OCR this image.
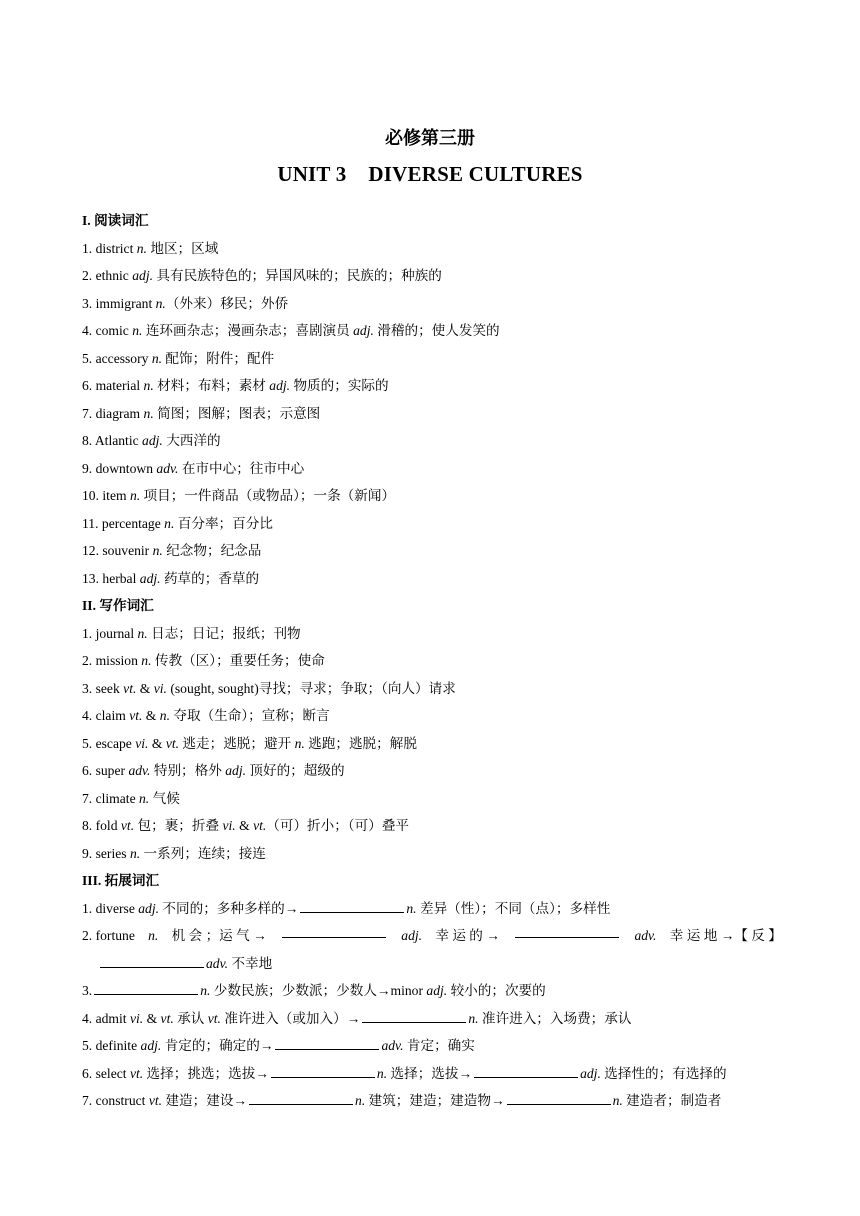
必修第三册
UNIT 3 DIVERSE CULTURES
I. 阅读词汇
1. district n. 地区；区域
2. ethnic adj. 具有民族特色的；异国风味的；民族的；种族的
3. immigrant n.（外来）移民；外侨
4. comic n. 连环画杂志；漫画杂志；喜剧演员 adj. 滑稽的；使人发笑的
5. accessory n. 配饰；附件；配件
6. material n. 材料；布料；素材 adj. 物质的；实际的
7. diagram n. 简图；图解；图表；示意图
8. Atlantic adj. 大西洋的
9. downtown adv. 在市中心；往市中心
10. item n. 项目；一件商品（或物品）；一条（新闻）
11. percentage n. 百分率；百分比
12. souvenir n. 纪念物；纪念品
13. herbal adj. 药草的；香草的
II. 写作词汇
1. journal n. 日志；日记；报纸；刊物
2. mission n. 传教（区）；重要任务；使命
3. seek vt. & vi. (sought, sought)寻找；寻求；争取；（向人）请求
4. claim vt. & n. 夺取（生命）；宣称；断言
5. escape vi. & vt. 逃走；逃脱；避开 n. 逃跑；逃脱；解脱
6. super adv. 特别；格外 adj. 顶好的；超级的
7. climate n. 气候
8. fold vt. 包；裹；折叠 vi. & vt.（可）折小；（可）叠平
9. series n. 一系列；连续；接连
III. 拓展词汇
1. diverse adj. 不同的；多种多样的→	n. 差异（性）；不同（点）；多样性
2. fortune n. 机 会 ；运 气 →	adj. 幸 运 的 →	adv. 幸 运 地 →【 反 】
adv. 不幸地
3.	n. 少数民族；少数派；少数人→minor adj. 较小的；次要的
4. admit vi. & vt. 承认 vt. 准许进入（或加入）→	n. 准许进入；入场费；承认
5. definite adj. 肯定的；确定的→	adv. 肯定；确实
6. select vt. 选择；挑选；选拔→	n. 选择；选拔→	adj. 选择性的；有选择的
7. construct vt. 建造；建设→	n. 建筑；建造；建造物→	n. 建造者；制造者
